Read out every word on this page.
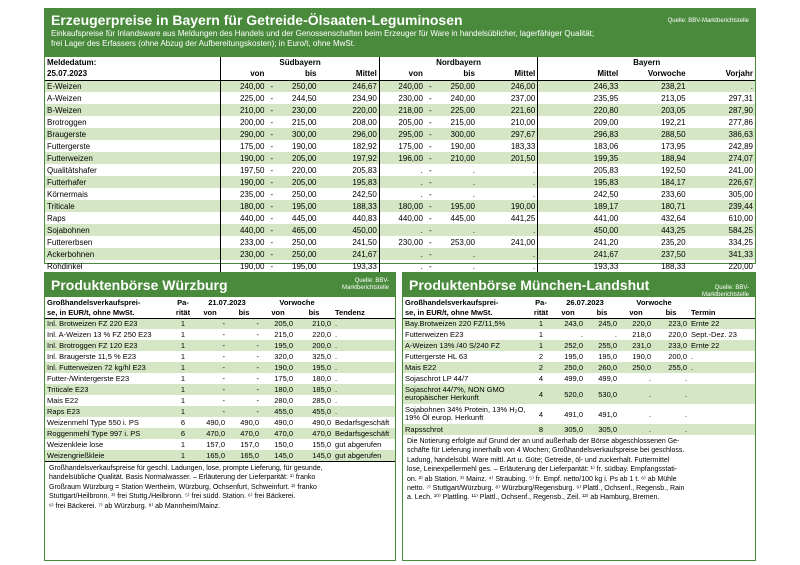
Erzeugerpreise in Bayern für Getreide-Ölsaaten-Leguminosen	Quelle: BBV-Marktberichtstelle
Einkaufspreise für Inlandsware aus Meldungen des Handels und der Genossenschaften beim Erzeuger für Ware in handelsüblicher, lagerfähiger Qualität;
frei Lager des Erfassers (ohne Abzug der Aufbereitungskosten); in Euro/t, ohne MwSt.
Meldedatum:	Südbayern				Nordbayern				Bayern		
25.07.2023	von		bis	Mittel	von		bis	Mittel	Mittel	Vorwoche	Vorjahr
E-Weizen	240,00	-	250,00	246,67	240,00	-	250,00	246,00	246,33	238,21	.
A-Weizen	225,00	-	244,50	234,90	230,00	-	240,00	237,00	235,95	213,05	297,31
B-Weizen	210,00	-	230,00	220,00	218,00	-	225,00	221,60	220,80	203,05	287,90
Brotroggen	200,00	-	215,00	208,00	205,00	-	215,00	210,00	209,00	192,21	277,86
Braugerste	290,00	-	300,00	296,00	295,00	-	300,00	297,67	296,83	288,50	386,63
Futtergerste	175,00	-	190,00	182,92	175,00	-	190,00	183,33	183,06	173,95	242,89
Futterweizen	190,00	-	205,00	197,92	196,00	-	210,00	201,50	199,35	188,94	274,07
Qualitätshafer	197,50	-	220,00	205,83	.	-	.	.	205,83	192,50	241,00
Futterhafer	190,00	-	205,00	195,83	.	-	.	.	195,83	184,17	226,67
Körnermais	235,00	-	250,00	242,50	.	-	.	.	242,50	233,60	305,00
Triticale	180,00	-	195,00	188,33	180,00	-	195,00	190,00	189,17	180,71	239,44
Raps	440,00	-	445,00	440,83	440,00	-	445,00	441,25	441,00	432,64	610,00
Sojabohnen	440,00	-	465,00	450,00	.	-	.	.	450,00	443,25	584,25
Futtererbsen	233,00	-	250,00	241,50	230,00	-	253,00	241,00	241,20	235,20	334,25
Ackerbohnen	230,00	-	250,00	241,67	.	-	.	.	241,67	237,50	341,33
Rohdinkel	190,00	-	195,00	193,33	.	-	.	.	193,33	188,33	220,00
Produktenbörse Würzburg	Quelle: BBV-
Marktberichtstelle
Großhandelsverkaufsprei-	Pa-	21.07.2023		Vorwoche		
se, in EUR/t, ohne MwSt.	rität	von	bis	von	bis	Tendenz
Inl. Brotweizen FZ 220 E23	1	-	-	205,0	210,0	.
Inl. A-Weizen 13 % FZ 250 E23	1	-	-	215,0	220,0	.
Inl. Brotroggen FZ 120 E23	1	-	-	195,0	200,0	.
Inl. Braugerste 11,5 % E23	1	-	-	320,0	325,0	.
Inl. Futterweizen 72 kg/hl E23	1	-	-	190,0	195,0	.
Futter-/Wintergerste E23	1	-	-	175,0	180,0	.
Triticale E23	1	-	-	180,0	185,0	.
Mais E22	1	-	-	280,0	285,0	.
Raps E23	1	-	-	455,0	455,0	.
Weizenmehl Type 550 i. PS	6	490,0	490,0	490,0	490,0	Bedarfsgeschäft
Roggenmehl Type 997 i. PS	6	470,0	470,0	470,0	470,0	Bedarfsgeschäft
Weizenkleie lose	1	157,0	157,0	150,0	155,0	gut abgerufen
Weizengrießkleie	1	165,0	165,0	145,0	145,0	gut abgerufen
Großhandelsverkaufspreise für geschl. Ladungen, lose, prompte Lieferung, für gesunde,
handelsübliche Qualität. Basis Normalwasser. – Erläuterung der Lieferparität: ¹⁾ franko
Großraum Würzburg = Station Wertheim, Würzburg, Ochsenfurt, Schweinfurt. ²⁾ franko
Stuttgart/Heilbronn. ³⁾ frei Stuttg./Heilbronn. ⁵⁾ frei südd. Station. ⁶⁾ frei Bäckerei.
⁶⁾ frei Bäckerei. ⁷⁾ ab Würzburg. ⁸⁾ ab Mannheim/Mainz.
Produktenbörse München-Landshut	Quelle: BBV-
Marktberichtstelle
Großhandelsverkaufsprei-	Pa-	26.07.2023		Vorwoche		
se, in EUR/t, ohne MwSt.	rität	von	bis	von	bis	Termin
Bay.Brotweizen 220 FZ/11,5%	1	243,0	245,0	220,0	223,0	Ernte 22
Futterweizen E23	1	.	.	218,0	220,0	Sept.-Dez. 23
A-Weizen 13% /40 S/240 FZ	1	252,0	255,0	231,0	233,0	Ernte 22
Futtergerste HL 63	2	195,0	195,0	190,0	200,0	.
Mais E22	2	250,0	260,0	250,0	255,0	.
Sojaschrot LP 44/7	4	499,0	499,0	.	.	
Sojaschrot 44/7%, NON GMO europäischer Herkunft	4	520,0	530,0	.	.	
Sojabohnen 34% Protein, 13% H₂O, 19% Öl europ. Herkunft	4	491,0	491,0	.	.	
Rapsschrot	8	305,0	305,0	.	.	
Die Notierung erfolgte auf Grund der an und außerhalb der Börse abgeschlossenen Ge-
schäfte für Lieferung innerhalb von 4 Wochen; Großhandelsverkaufspreise bei geschloss.
Ladung, handelsübl. Ware mittl. Art u. Güte; Getreide, öl- und zuckerhalt. Futtermittel
lose, Leinexpellermehl ges. – Erläuterung der Lieferparität: ¹⁾ fr. südbay. Empfangsstati-
on. ²⁾ ab Station. ³⁾ Mainz. ⁴⁾ Straubing. ⁵⁾ fr. Empf. netto/100 kg i. Ps ab 1 t. ⁶⁾ ab Mühle
netto. ⁷⁾ Stuttgart/Würzburg. ⁸⁾ Würzburg/Regensburg. ⁹⁾ Plattl., Ochsenf., Regensb., Rain
a. Lech. ¹⁰⁾ Plattling. ¹¹⁾ Plattl., Ochsenf., Regensb., Zeil. ¹²⁾ ab Hamburg, Bremen.
